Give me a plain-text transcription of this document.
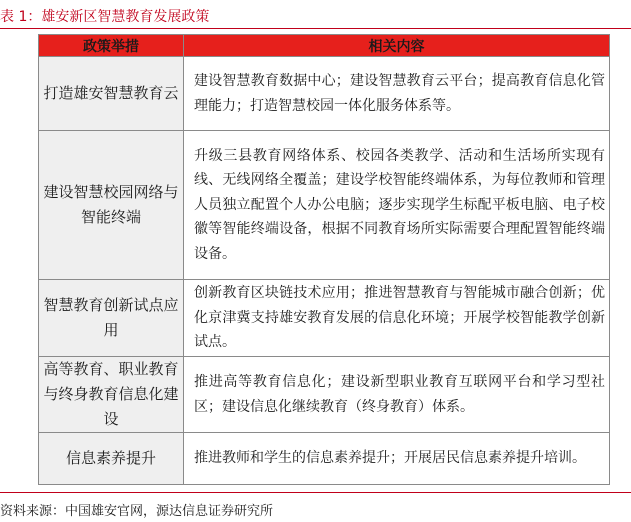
表 1：雄安新区智慧教育发展政策
政策举措	相关内容
打造雄安智慧教育云	建设智慧教育数据中心；建设智慧教育云平台；提高教育信息化管理能力；打造智慧校园一体化服务体系等。
建设智慧校园网络与智能终端	升级三县教育网络体系、校园各类教学、活动和生活场所实现有线、无线网络全覆盖；建设学校智能终端体系，为每位教师和管理人员独立配置个人办公电脑；逐步实现学生标配平板电脑、电子校徽等智能终端设备，根据不同教育场所实际需要合理配置智能终端设备。
智慧教育创新试点应用	创新教育区块链技术应用；推进智慧教育与智能城市融合创新；优化京津冀支持雄安教育发展的信息化环境；开展学校智能教学创新试点。
高等教育、职业教育与终身教育信息化建设	推进高等教育信息化；建设新型职业教育互联网平台和学习型社区；建设信息化继续教育（终身教育）体系。
信息素养提升	推进教师和学生的信息素养提升；开展居民信息素养提升培训。
资料来源：中国雄安官网，源达信息证券研究所
